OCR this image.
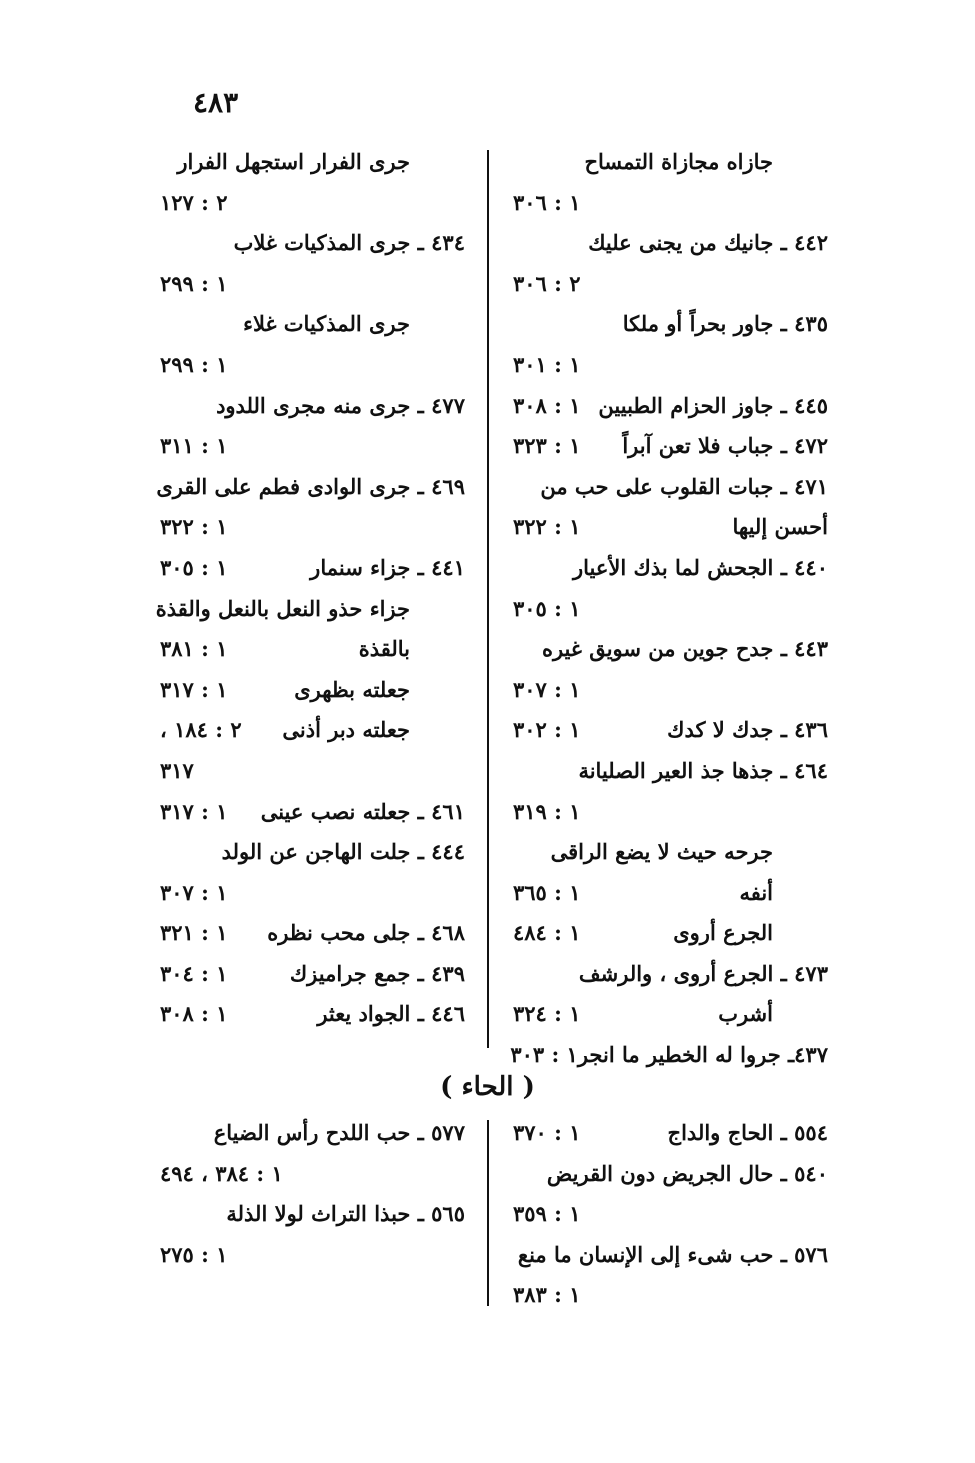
٤٨٣
جازاه مجازاة التمساح
١ : ٣٠٦
٤٤٢ ـ جانيك من يجنى عليك
٢ : ٣٠٦
٤٣٥ ـ جاور بحراً أو ملكا
١ : ٣٠١
٤٤٥ ـ جاوز الحزام الطبيين
١ : ٣٠٨
٤٧٢ ـ جباب فلا تعن آبراً
١ : ٣٢٣
٤٧١ ـ جبات القلوب على حب من
أحسن إليها
١ : ٣٢٢
٤٤٠ ـ الجحش لما بذك الأعيار
١ : ٣٠٥
٤٤٣ ـ جدح جوين من سويق غيره
١ : ٣٠٧
٤٣٦ ـ جدك لا كدك
١ : ٣٠٢
٤٦٤ ـ جذها جذ العير الصليانة
١ : ٣١٩
جرحه حيث لا يضع الراقى
أنفه
١ : ٣٦٥
الجرع أروى
١ : ٤٨٤
٤٧٣ ـ الجرع أروى ، والرشف
أشرب
١ : ٣٢٤
٤٣٧ـ جروا له الخطير ما انجر
١ : ٣٠٣
جرى الفرار استجهل الفرار
٢ : ١٢٧
٤٣٤ ـ جرى المذكيات غلاب
١ : ٢٩٩
جرى المذكيات غلاء
١ : ٢٩٩
٤٧٧ ـ جرى منه مجرى اللدود
١ : ٣١١
٤٦٩ ـ جرى الوادى فطم على القرى
١ : ٣٢٢
٤٤١ ـ جزاء سنمار
١ : ٣٠٥
جزاء حذو النعل بالنعل والقذة
بالقذة
١ : ٣٨١
جعلته بظهرى
١ : ٣١٧
جعلته دبر أذنى
٢ : ١٨٤ ،
٣١٧
٤٦١ ـ جعلته نصب عينى
١ : ٣١٧
٤٤٤ ـ جلت الهاجن عن الولد
١ : ٣٠٧
٤٦٨ ـ جلى محب نظره
١ : ٣٢١
٤٣٩ ـ جمع جراميزك
١ : ٣٠٤
٤٤٦ ـ الجواد يعثر
١ : ٣٠٨
( الحاء )
٥٥٤ ـ الحاج والداج
١ : ٣٧٠
٥٤٠ ـ حال الجريض دون القريض
١ : ٣٥٩
٥٧٦ ـ حب شىء إلى الإنسان ما منع
١ : ٣٨٣
٥٧٧ ـ حب اللدح رأس الضياع
١ : ٣٨٤ ، ٤٩٤
٥٦٥ ـ حبذا التراث لولا الذلة
١ : ٢٧٥
